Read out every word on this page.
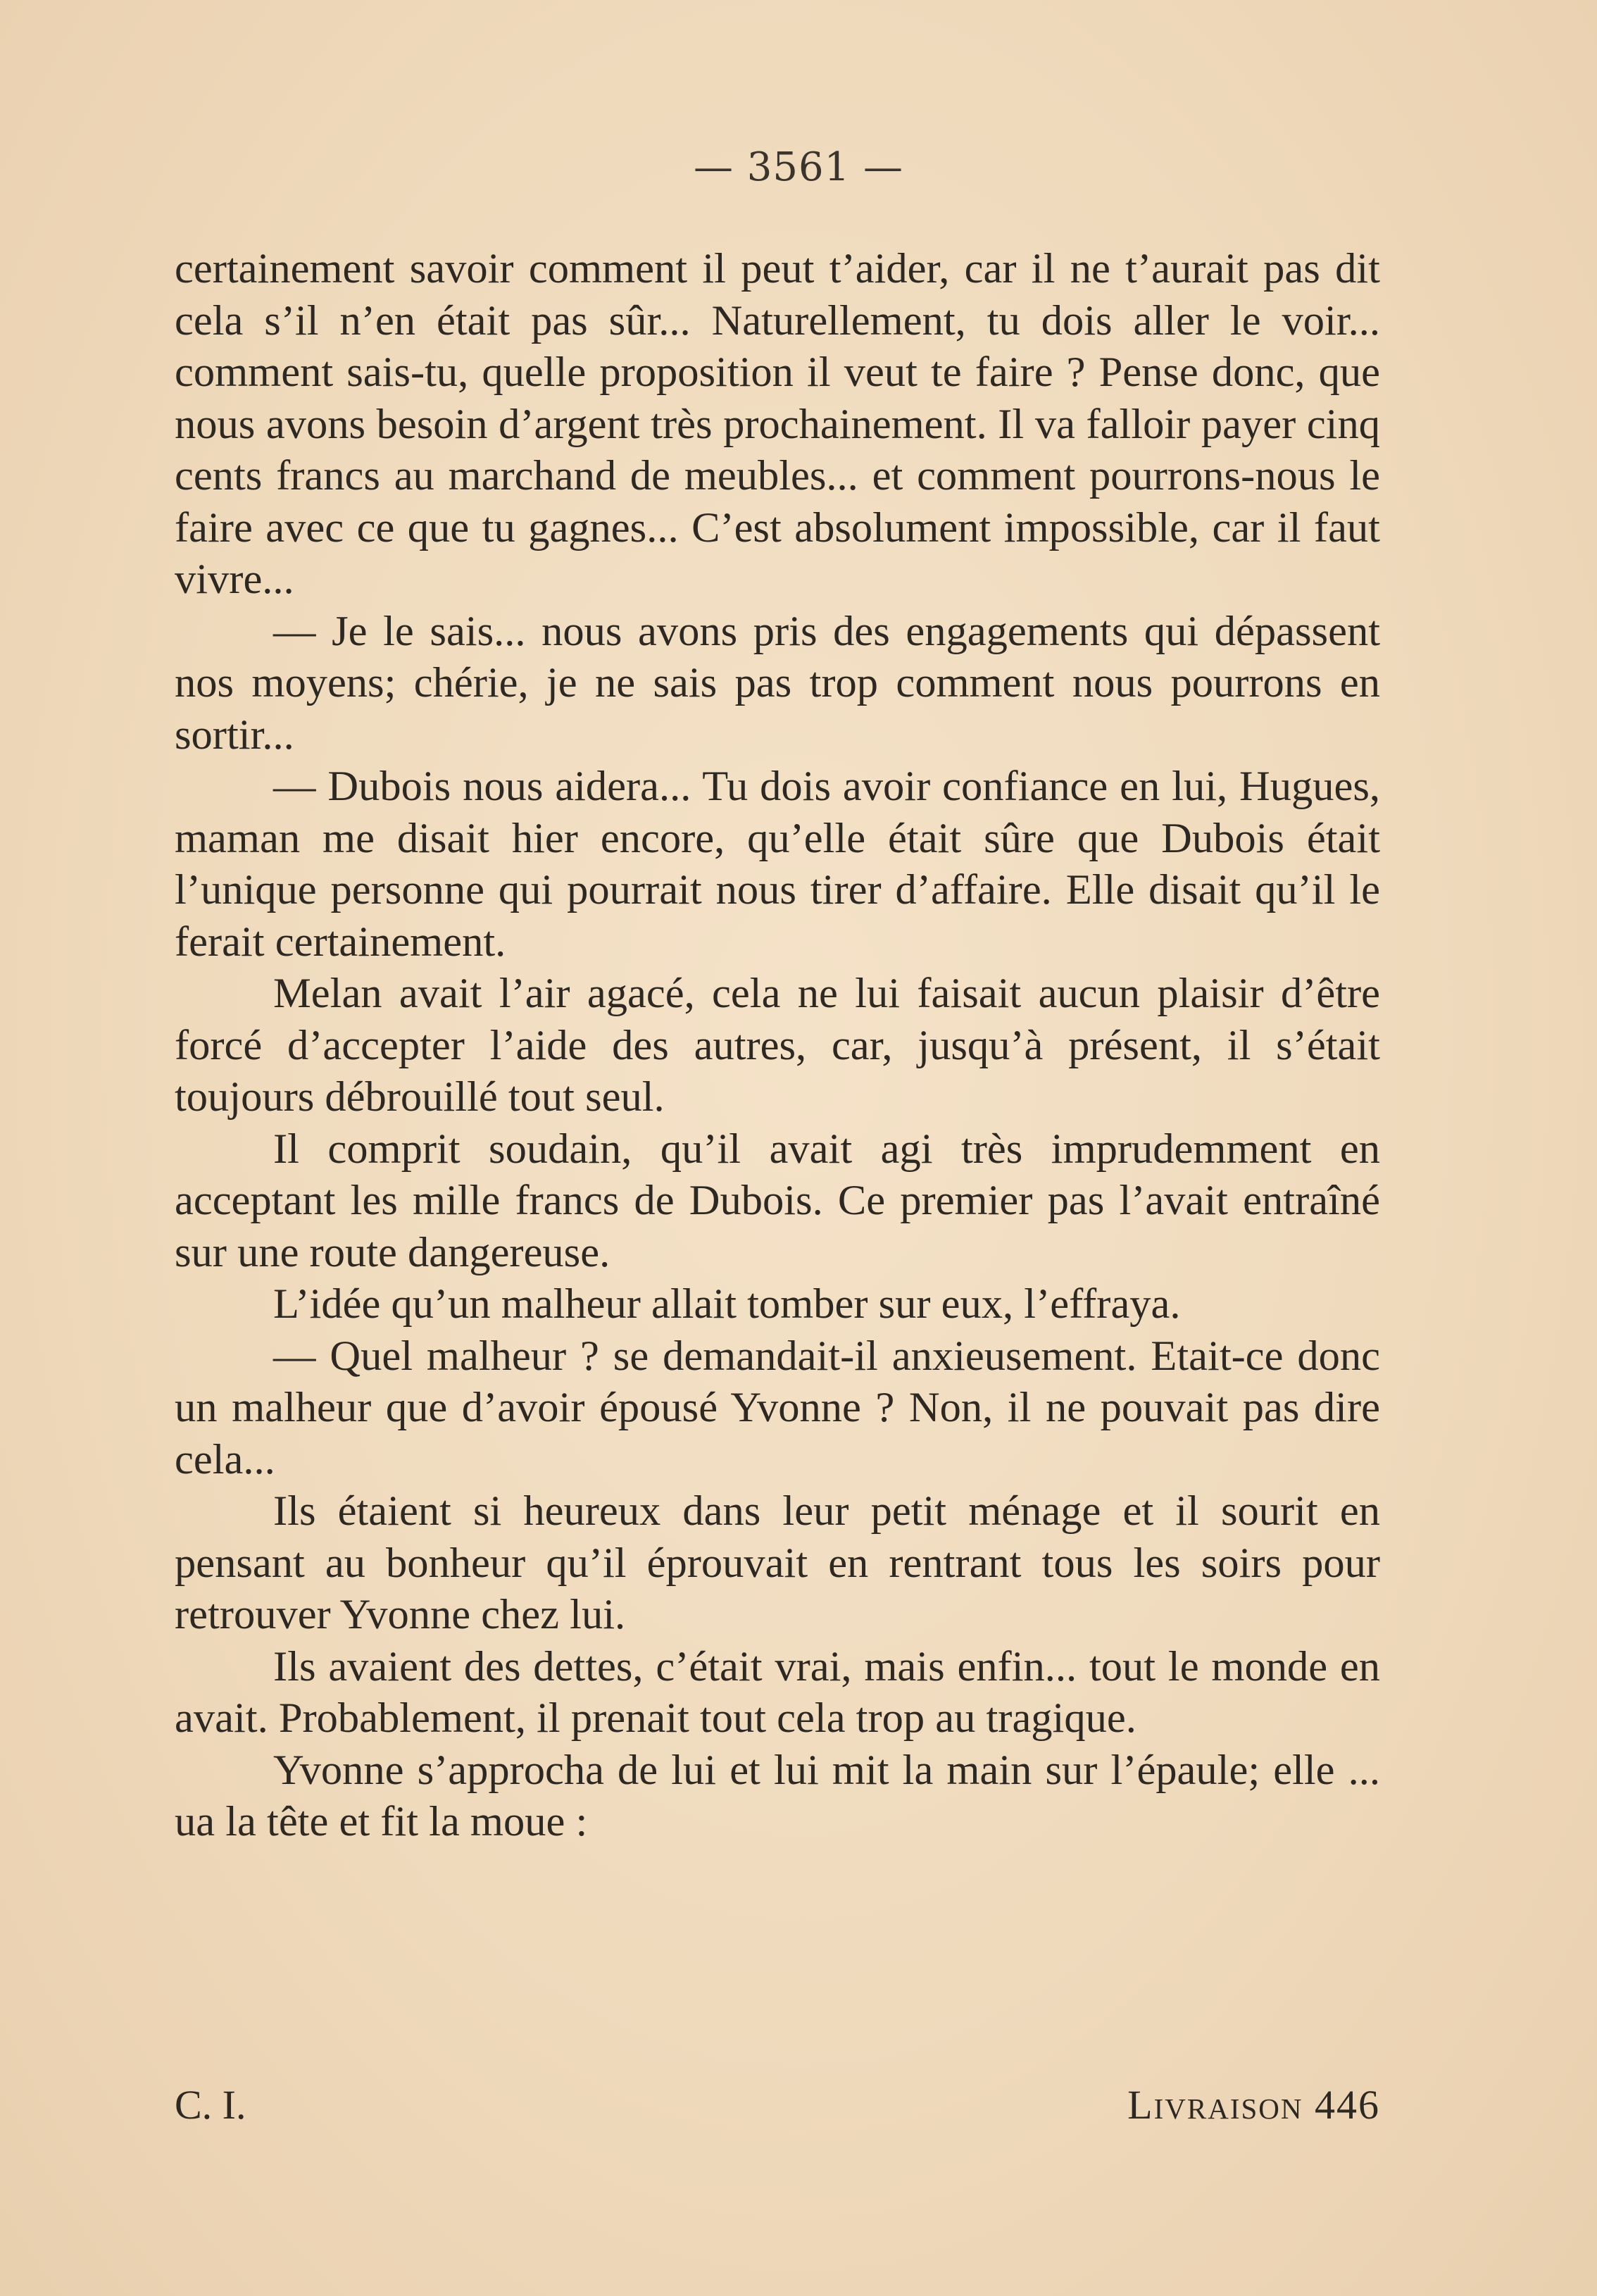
— 3561 —

certainement savoir comment il peut t’aider, car il ne t’aurait pas dit cela s’il n’en était pas sûr... Naturellement, tu dois aller le voir... comment sais-tu, quelle proposition il veut te faire ? Pense donc, que nous avons besoin d’argent très prochainement. Il va falloir payer cinq cents francs au marchand de meubles... et comment pourrons-nous le faire avec ce que tu gagnes... C’est absolument impossible, car il faut vivre...

— Je le sais... nous avons pris des engagements qui dépassent nos moyens; chérie, je ne sais pas trop comment nous pourrons en sortir...

— Dubois nous aidera... Tu dois avoir confiance en lui, Hugues, maman me disait hier encore, qu’elle était sûre que Dubois était l’unique personne qui pourrait nous tirer d’affaire. Elle disait qu’il le ferait certainement.

Melan avait l’air agacé, cela ne lui faisait aucun plaisir d’être forcé d’accepter l’aide des autres, car, jusqu’à présent, il s’était toujours débrouillé tout seul.

Il comprit soudain, qu’il avait agi très imprudemment en acceptant les mille francs de Dubois. Ce premier pas l’avait entraîné sur une route dangereuse.

L’idée qu’un malheur allait tomber sur eux, l’effraya.

— Quel malheur ? se demandait-il anxieusement. Etait-ce donc un malheur que d’avoir épousé Yvonne ? Non, il ne pouvait pas dire cela...

Ils étaient si heureux dans leur petit ménage et il sourit en pensant au bonheur qu’il éprouvait en rentrant tous les soirs pour retrouver Yvonne chez lui.

Ils avaient des dettes, c’était vrai, mais enfin... tout le monde en avait. Probablement, il prenait tout cela trop au tragique.

Yvonne s’approcha de lui et lui mit la main sur l’épaule; elle ... ua la tête et fit la moue :

C. I.	Livraison 446
